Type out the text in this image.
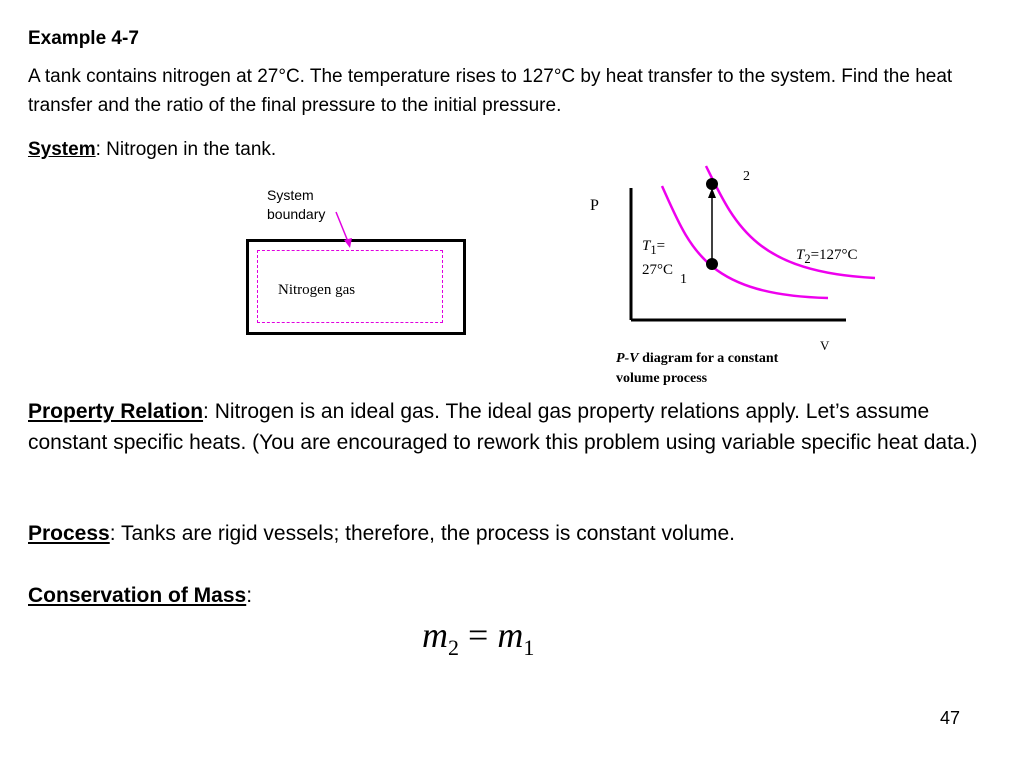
Example 4-7
A tank contains nitrogen at 27°C. The temperature rises to 127°C by heat transfer to the system. Find the heat transfer and the ratio of the final pressure to the initial pressure.
System: Nitrogen in the tank.
System
boundary
Nitrogen gas
P
2
1
V
$T_1=$
27°C
$T_2=127^\circ C$
P-V diagram for a constant
volume process
Property Relation: Nitrogen is an ideal gas. The ideal gas property relations apply. Let’s assume constant specific heats. (You are encouraged to rework this problem using variable specific heat data.)
Process: Tanks are rigid vessels; therefore, the process is constant volume.
Conservation of Mass:
$m_2 = m_1$
47
